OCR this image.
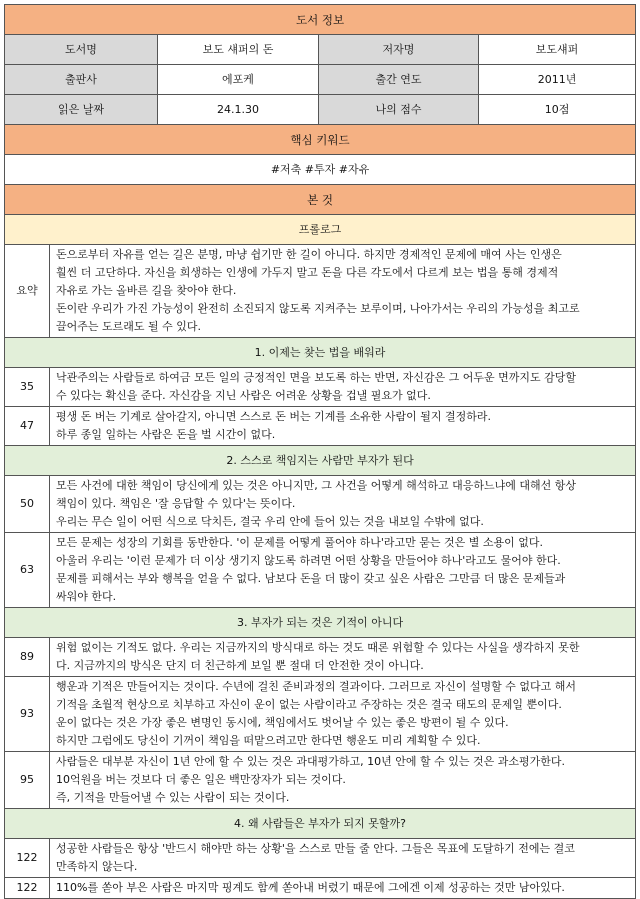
도서 정보				
도서명		보도 섀퍼의 돈	저자명	보도섀퍼
출판사		에포케	출간 연도	2011년
읽은 날짜		24.1.30	나의 점수	10점
핵심 키워드				
#저축 #투자 #자유				
본 것				
프롤로그				
요약	돈으로부터 자유를 얻는 길은 분명, 마냥 쉽기만 한 길이 아니다. 하지만 경제적인 문제에 매여 사는 인생은
훨씬 더 고단하다. 자신을 희생하는 인생에 가두지 말고 돈을 다른 각도에서 다르게 보는 법을 통해 경제적
자유로 가는 올바른 길을 찾아야 한다.
돈이란 우리가 가진 가능성이 완전히 소진되지 않도록 지켜주는 보루이며, 나아가서는 우리의 가능성을 최고로
끌어주는 도르래도 될 수 있다.			

1. 이제는 찾는 법을 배워라				
35	낙관주의는 사람들로 하여금 모든 일의 긍정적인 면을 보도록 하는 반면, 자신감은 그 어두운 면까지도 감당할
수 있다는 확신을 준다. 자신감을 지닌 사람은 어려운 상황을 겁낼 필요가 없다.			

47	평생 돈 버는 기계로 살아갈지, 아니면 스스로 돈 버는 기계를 소유한 사람이 될지 결정하라.
하루 종일 일하는 사람은 돈을 벌 시간이 없다.			

2. 스스로 책임지는 사람만 부자가 된다				
50	모든 사건에 대한 책임이 당신에게 있는 것은 아니지만, 그 사건을 어떻게 해석하고 대응하느냐에 대해선 항상
책임이 있다. 책임은 '잘 응답할 수 있다'는 뜻이다.
우리는 무슨 일이 어떤 식으로 닥치든, 결국 우리 안에 들어 있는 것을 내보일 수밖에 없다.			

63	모든 문제는 성장의 기회를 동반한다. '이 문제를 어떻게 풀어야 하나'라고만 묻는 것은 별 소용이 없다.
아울러 우리는 '이런 문제가 더 이상 생기지 않도록 하려면 어떤 상황을 만들어야 하나'라고도 물어야 한다.
문제를 피해서는 부와 행복을 얻을 수 없다. 남보다 돈을 더 많이 갖고 싶은 사람은 그만큼 더 많은 문제들과
싸워야 한다.			

3. 부자가 되는 것은 기적이 아니다				
89	위험 없이는 기적도 없다. 우리는 지금까지의 방식대로 하는 것도 때론 위험할 수 있다는 사실을 생각하지 못한
다. 지금까지의 방식은 단지 더 친근하게 보일 뿐 절대 더 안전한 것이 아니다.			

93	행운과 기적은 만들어지는 것이다. 수년에 걸친 준비과정의 결과이다. 그러므로 자신이 설명할 수 없다고 해서
기적을 초월적 현상으로 치부하고 자신이 운이 없는 사람이라고 주장하는 것은 결국 태도의 문제일 뿐이다.
운이 없다는 것은 가장 좋은 변명인 동시에, 책임에서도 벗어날 수 있는 좋은 방편이 될 수 있다.
하지만 그럼에도 당신이 기꺼이 책임을 떠맡으려고만 한다면 행운도 미리 계획할 수 있다.			

95	사람들은 대부분 자신이 1년 안에 할 수 있는 것은 과대평가하고, 10년 안에 할 수 있는 것은 과소평가한다.
10억원을 버는 것보다 더 좋은 일은 백만장자가 되는 것이다.
즉, 기적을 만들어낼 수 있는 사람이 되는 것이다.			

4. 왜 사람들은 부자가 되지 못할까?				
122	성공한 사람들은 항상 '반드시 해야만 하는 상황'을 스스로 만들 줄 안다. 그들은 목표에 도달하기 전에는 결코
만족하지 않는다.			

122	110%를 쏟아 부은 사람은 마지막 핑계도 함께 쏟아내 버렸기 때문에 그에겐 이제 성공하는 것만 남아있다.			
